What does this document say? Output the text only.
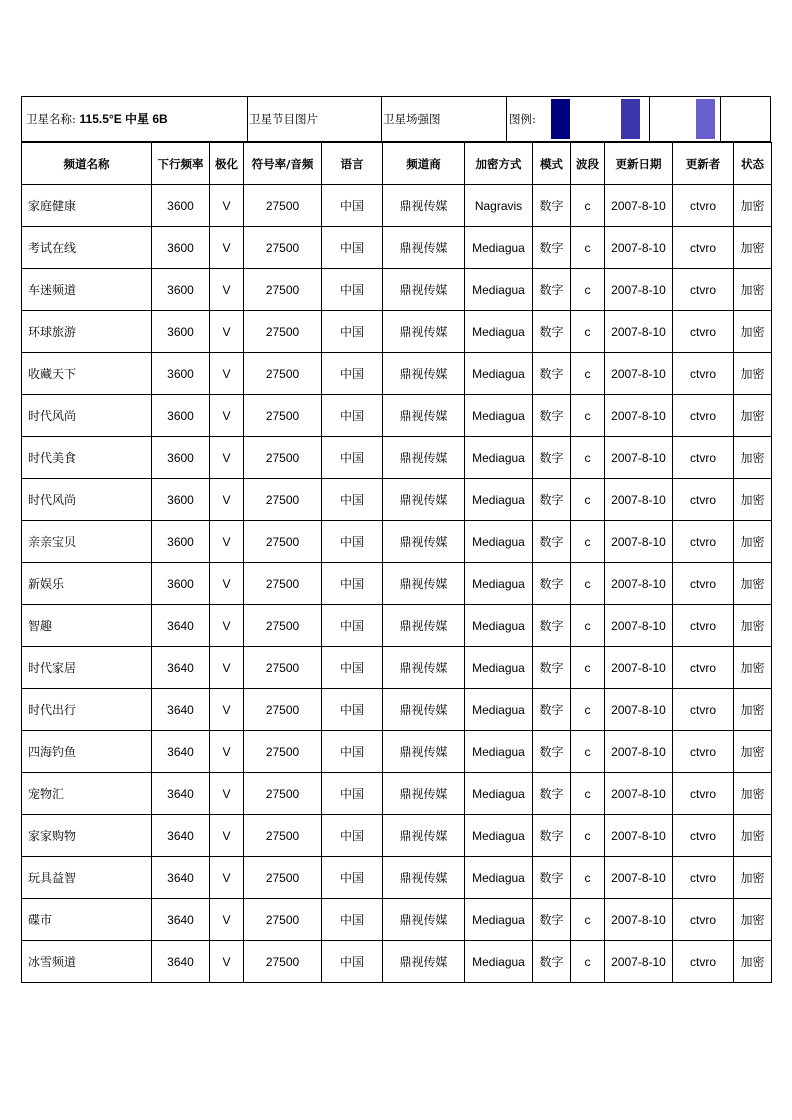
卫星名称: 115.5°E 中星 6B	卫星节目图片	卫星场强图	图例:
频道名称	下行频率	极化	符号率/音频	语言	频道商	加密方式	模式	波段	更新日期	更新者	状态
家庭健康	3600	V	27500	中国	鼎视传媒	Nagravis	数字	c	2007-8-10	ctvro	加密
考试在线	3600	V	27500	中国	鼎视传媒	Mediagua	数字	c	2007-8-10	ctvro	加密
车迷频道	3600	V	27500	中国	鼎视传媒	Mediagua	数字	c	2007-8-10	ctvro	加密
环球旅游	3600	V	27500	中国	鼎视传媒	Mediagua	数字	c	2007-8-10	ctvro	加密
收藏天下	3600	V	27500	中国	鼎视传媒	Mediagua	数字	c	2007-8-10	ctvro	加密
时代风尚	3600	V	27500	中国	鼎视传媒	Mediagua	数字	c	2007-8-10	ctvro	加密
时代美食	3600	V	27500	中国	鼎视传媒	Mediagua	数字	c	2007-8-10	ctvro	加密
时代风尚	3600	V	27500	中国	鼎视传媒	Mediagua	数字	c	2007-8-10	ctvro	加密
亲亲宝贝	3600	V	27500	中国	鼎视传媒	Mediagua	数字	c	2007-8-10	ctvro	加密
新娱乐	3600	V	27500	中国	鼎视传媒	Mediagua	数字	c	2007-8-10	ctvro	加密
智趣	3640	V	27500	中国	鼎视传媒	Mediagua	数字	c	2007-8-10	ctvro	加密
时代家居	3640	V	27500	中国	鼎视传媒	Mediagua	数字	c	2007-8-10	ctvro	加密
时代出行	3640	V	27500	中国	鼎视传媒	Mediagua	数字	c	2007-8-10	ctvro	加密
四海钓鱼	3640	V	27500	中国	鼎视传媒	Mediagua	数字	c	2007-8-10	ctvro	加密
宠物汇	3640	V	27500	中国	鼎视传媒	Mediagua	数字	c	2007-8-10	ctvro	加密
家家购物	3640	V	27500	中国	鼎视传媒	Mediagua	数字	c	2007-8-10	ctvro	加密
玩具益智	3640	V	27500	中国	鼎视传媒	Mediagua	数字	c	2007-8-10	ctvro	加密
碟市	3640	V	27500	中国	鼎视传媒	Mediagua	数字	c	2007-8-10	ctvro	加密
冰雪频道	3640	V	27500	中国	鼎视传媒	Mediagua	数字	c	2007-8-10	ctvro	加密
